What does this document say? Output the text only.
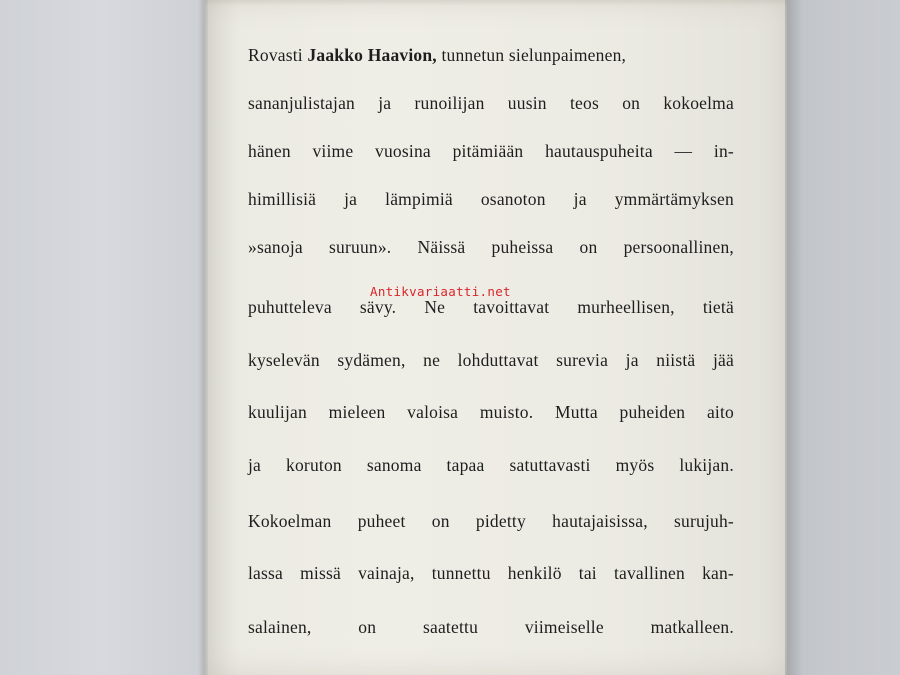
Rovasti Jaakko Haavion, tunnetun sielunpaimenen,
sananjulistajan ja runoilijan uusin teos on kokoelma
hänen viime vuosina pitämiään hautauspuheita — in-
himillisiä ja lämpimiä osanoton ja ymmärtämyksen
»sanoja suruun». Näissä puheissa on persoonallinen,
puhutteleva sävy. Ne tavoittavat murheellisen, tietä
kyselevän sydämen, ne lohduttavat surevia ja niistä jää
kuulijan mieleen valoisa muisto. Mutta puheiden aito
ja koruton sanoma tapaa satuttavasti myös lukijan.
Kokoelman puheet on pidetty hautajaisissa, surujuh-
lassa missä vainaja, tunnettu henkilö tai tavallinen kan-
salainen,	on	saatettu	viimeiselle	matkalleen.
Antikvariaatti.net
